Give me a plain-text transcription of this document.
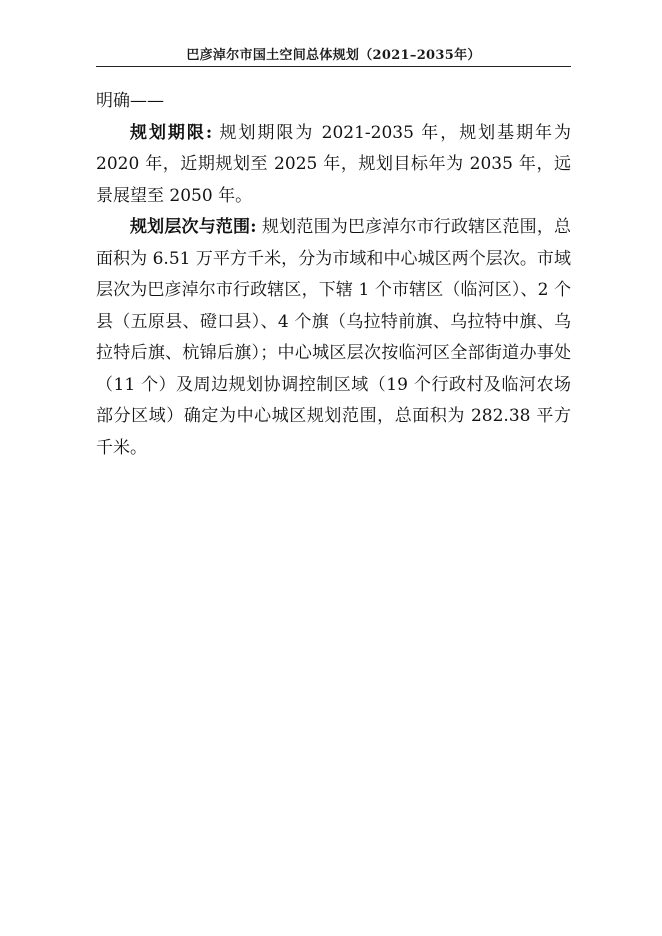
巴彦淖尔市国土空间总体规划（2021–2035年）

明确——

规划期限: 规划期限为 2021-2035 年，规划基期年为 2020 年，近期规划至 2025 年，规划目标年为 2035 年，远景展望至 2050 年。

规划层次与范围: 规划范围为巴彦淖尔市行政辖区范围，总面积为 6.51 万平方千米，分为市域和中心城区两个层次。市域层次为巴彦淖尔市行政辖区，下辖 1 个市辖区（临河区）、2 个县（五原县、磴口县）、4 个旗（乌拉特前旗、乌拉特中旗、乌拉特后旗、杭锦后旗）；中心城区层次按临河区全部街道办事处（11 个）及周边规划协调控制区域（19 个行政村及临河农场部分区域）确定为中心城区规划范围，总面积为 282.38 平方千米。
